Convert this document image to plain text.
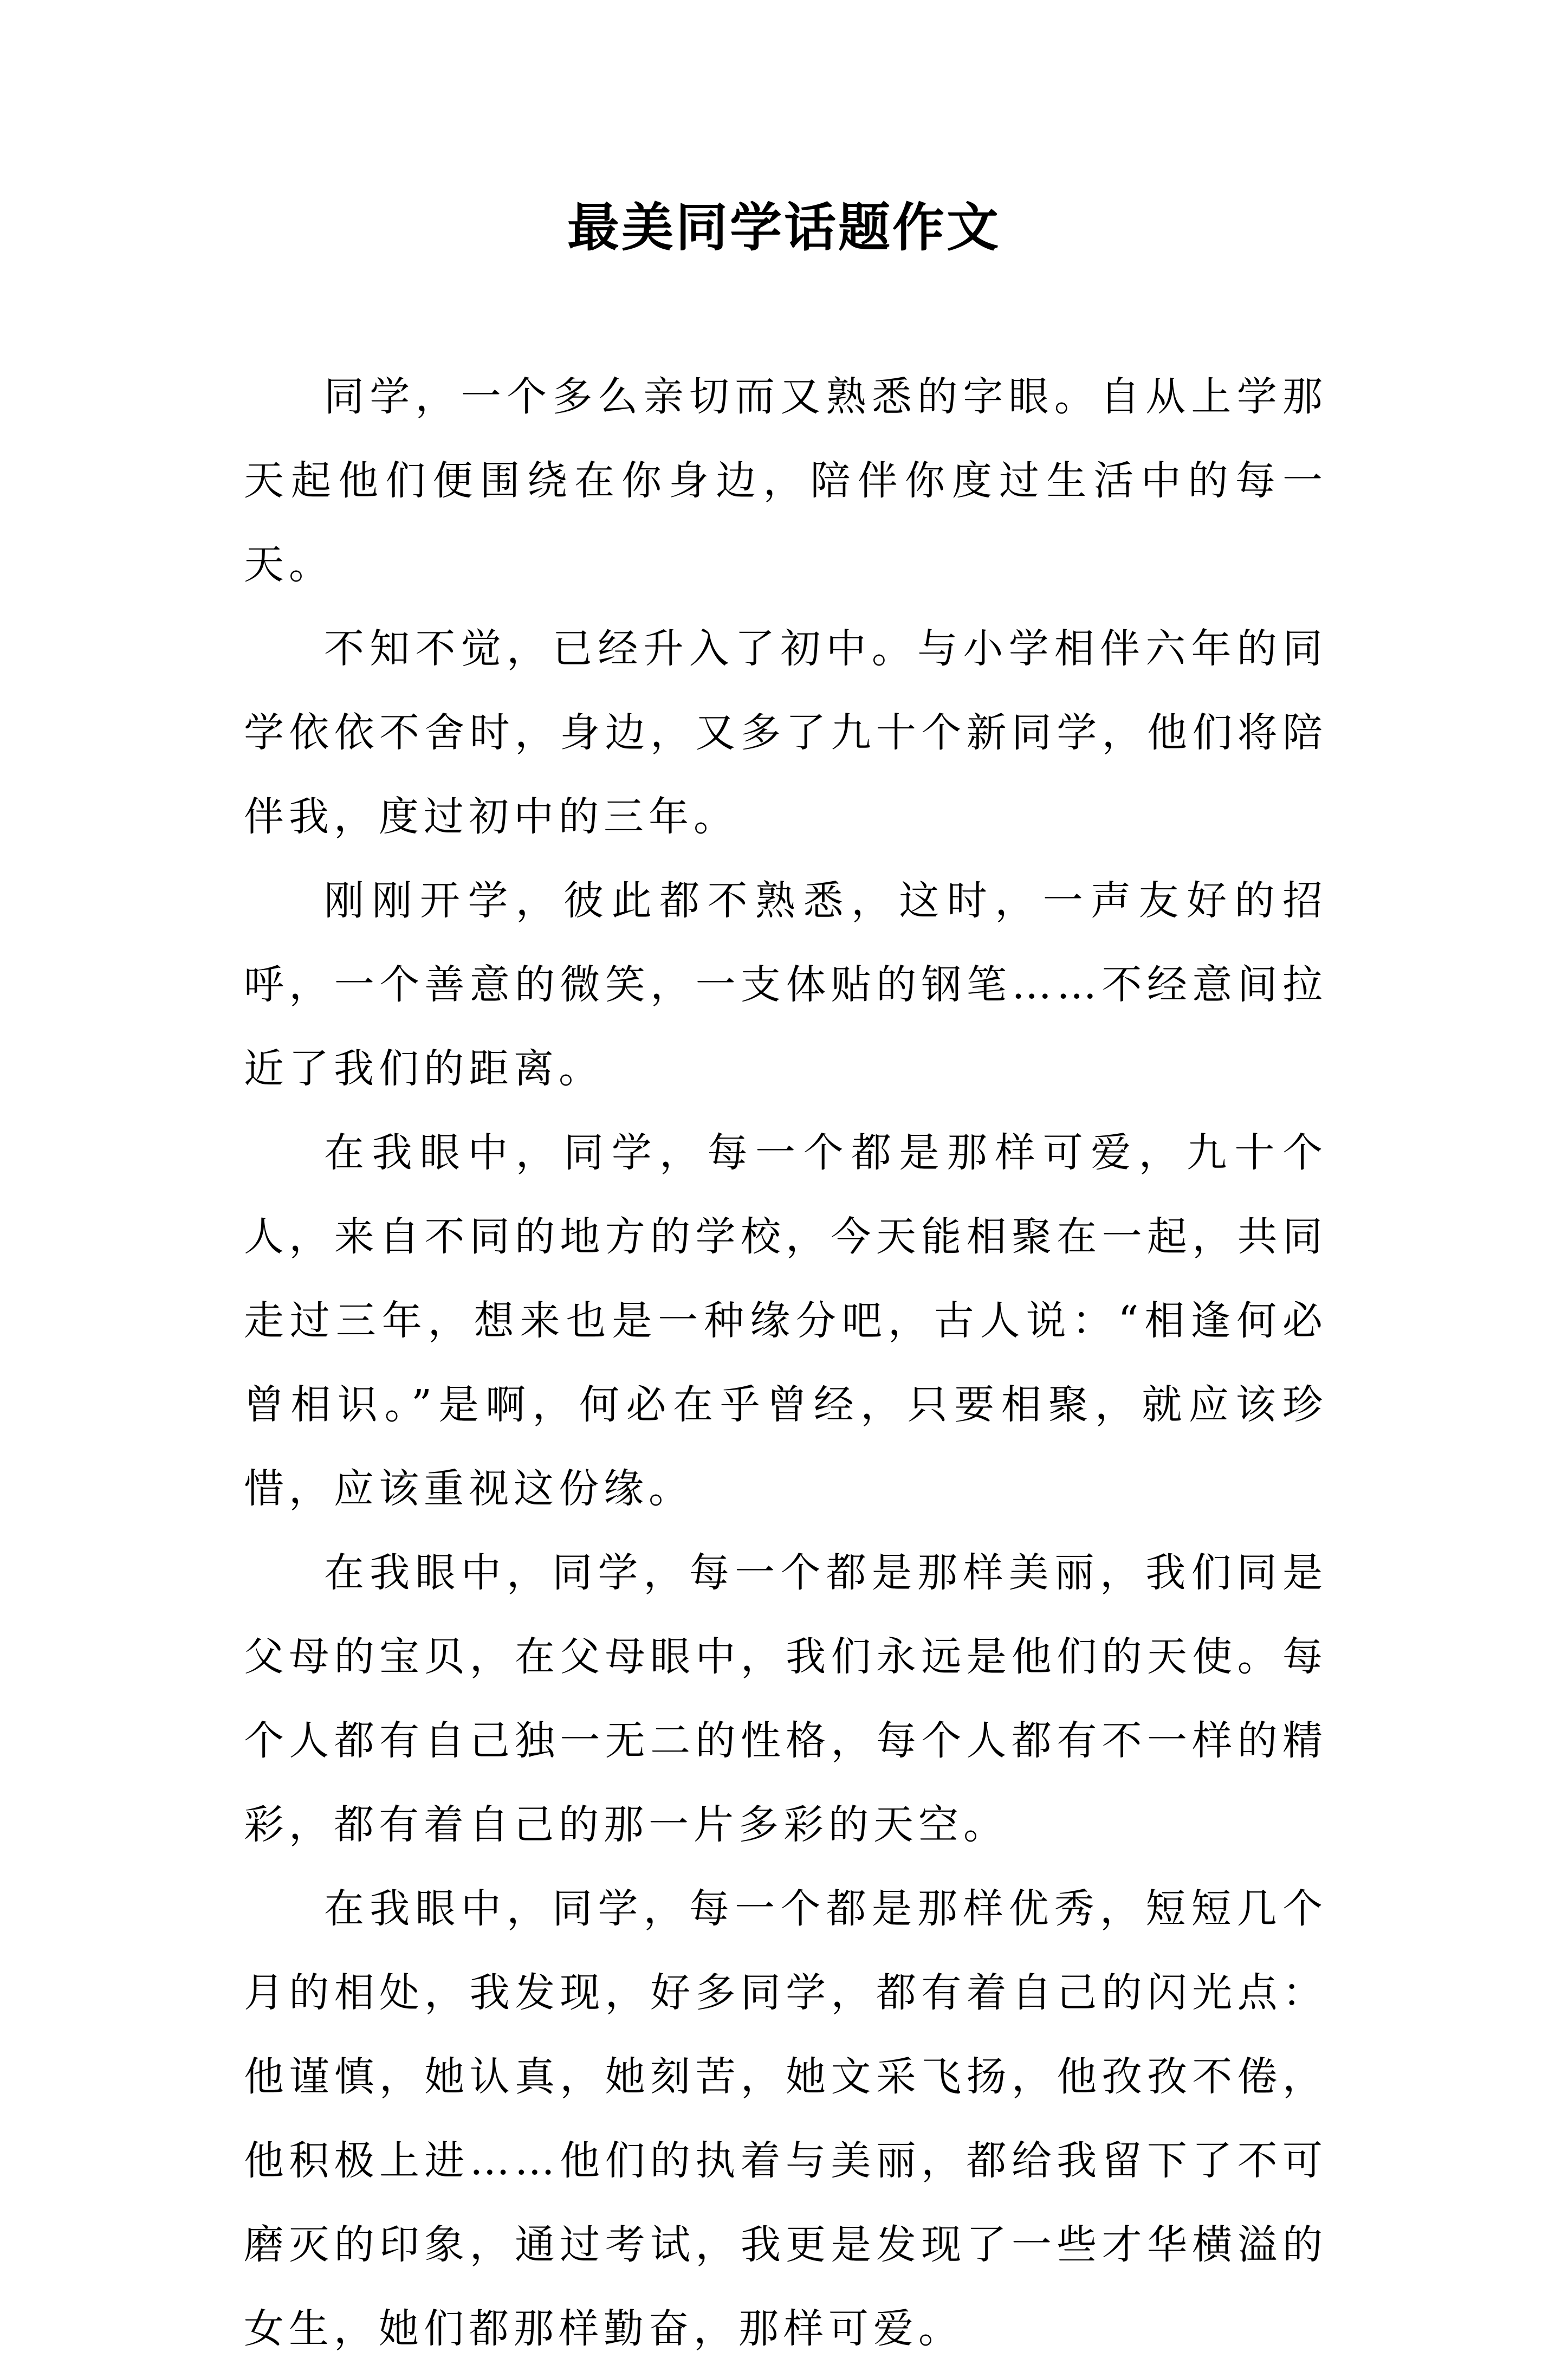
最美同学话题作文

同学，一个多么亲切而又熟悉的字眼。自从上学那天起他们便围绕在你身边，陪伴你度过生活中的每一天。

不知不觉，已经升入了初中。与小学相伴六年的同学依依不舍时，身边，又多了九十个新同学，他们将陪伴我，度过初中的三年。

刚刚开学，彼此都不熟悉，这时，一声友好的招呼，一个善意的微笑，一支体贴的钢笔……不经意间拉近了我们的距离。

在我眼中，同学，每一个都是那样可爱，九十个人，来自不同的地方的学校，今天能相聚在一起，共同走过三年，想来也是一种缘分吧，古人说：“相逢何必曾相识。”是啊，何必在乎曾经，只要相聚，就应该珍惜，应该重视这份缘。

在我眼中，同学，每一个都是那样美丽，我们同是父母的宝贝，在父母眼中，我们永远是他们的天使。每个人都有自己独一无二的性格，每个人都有不一样的精彩，都有着自己的那一片多彩的天空。

在我眼中，同学，每一个都是那样优秀，短短几个月的相处，我发现，好多同学，都有着自己的闪光点：他谨慎，她认真，她刻苦，她文采飞扬，他孜孜不倦，他积极上进……他们的执着与美丽，都给我留下了不可磨灭的印象，通过考试，我更是发现了一些才华横溢的女生，她们都那样勤奋，那样可爱。
